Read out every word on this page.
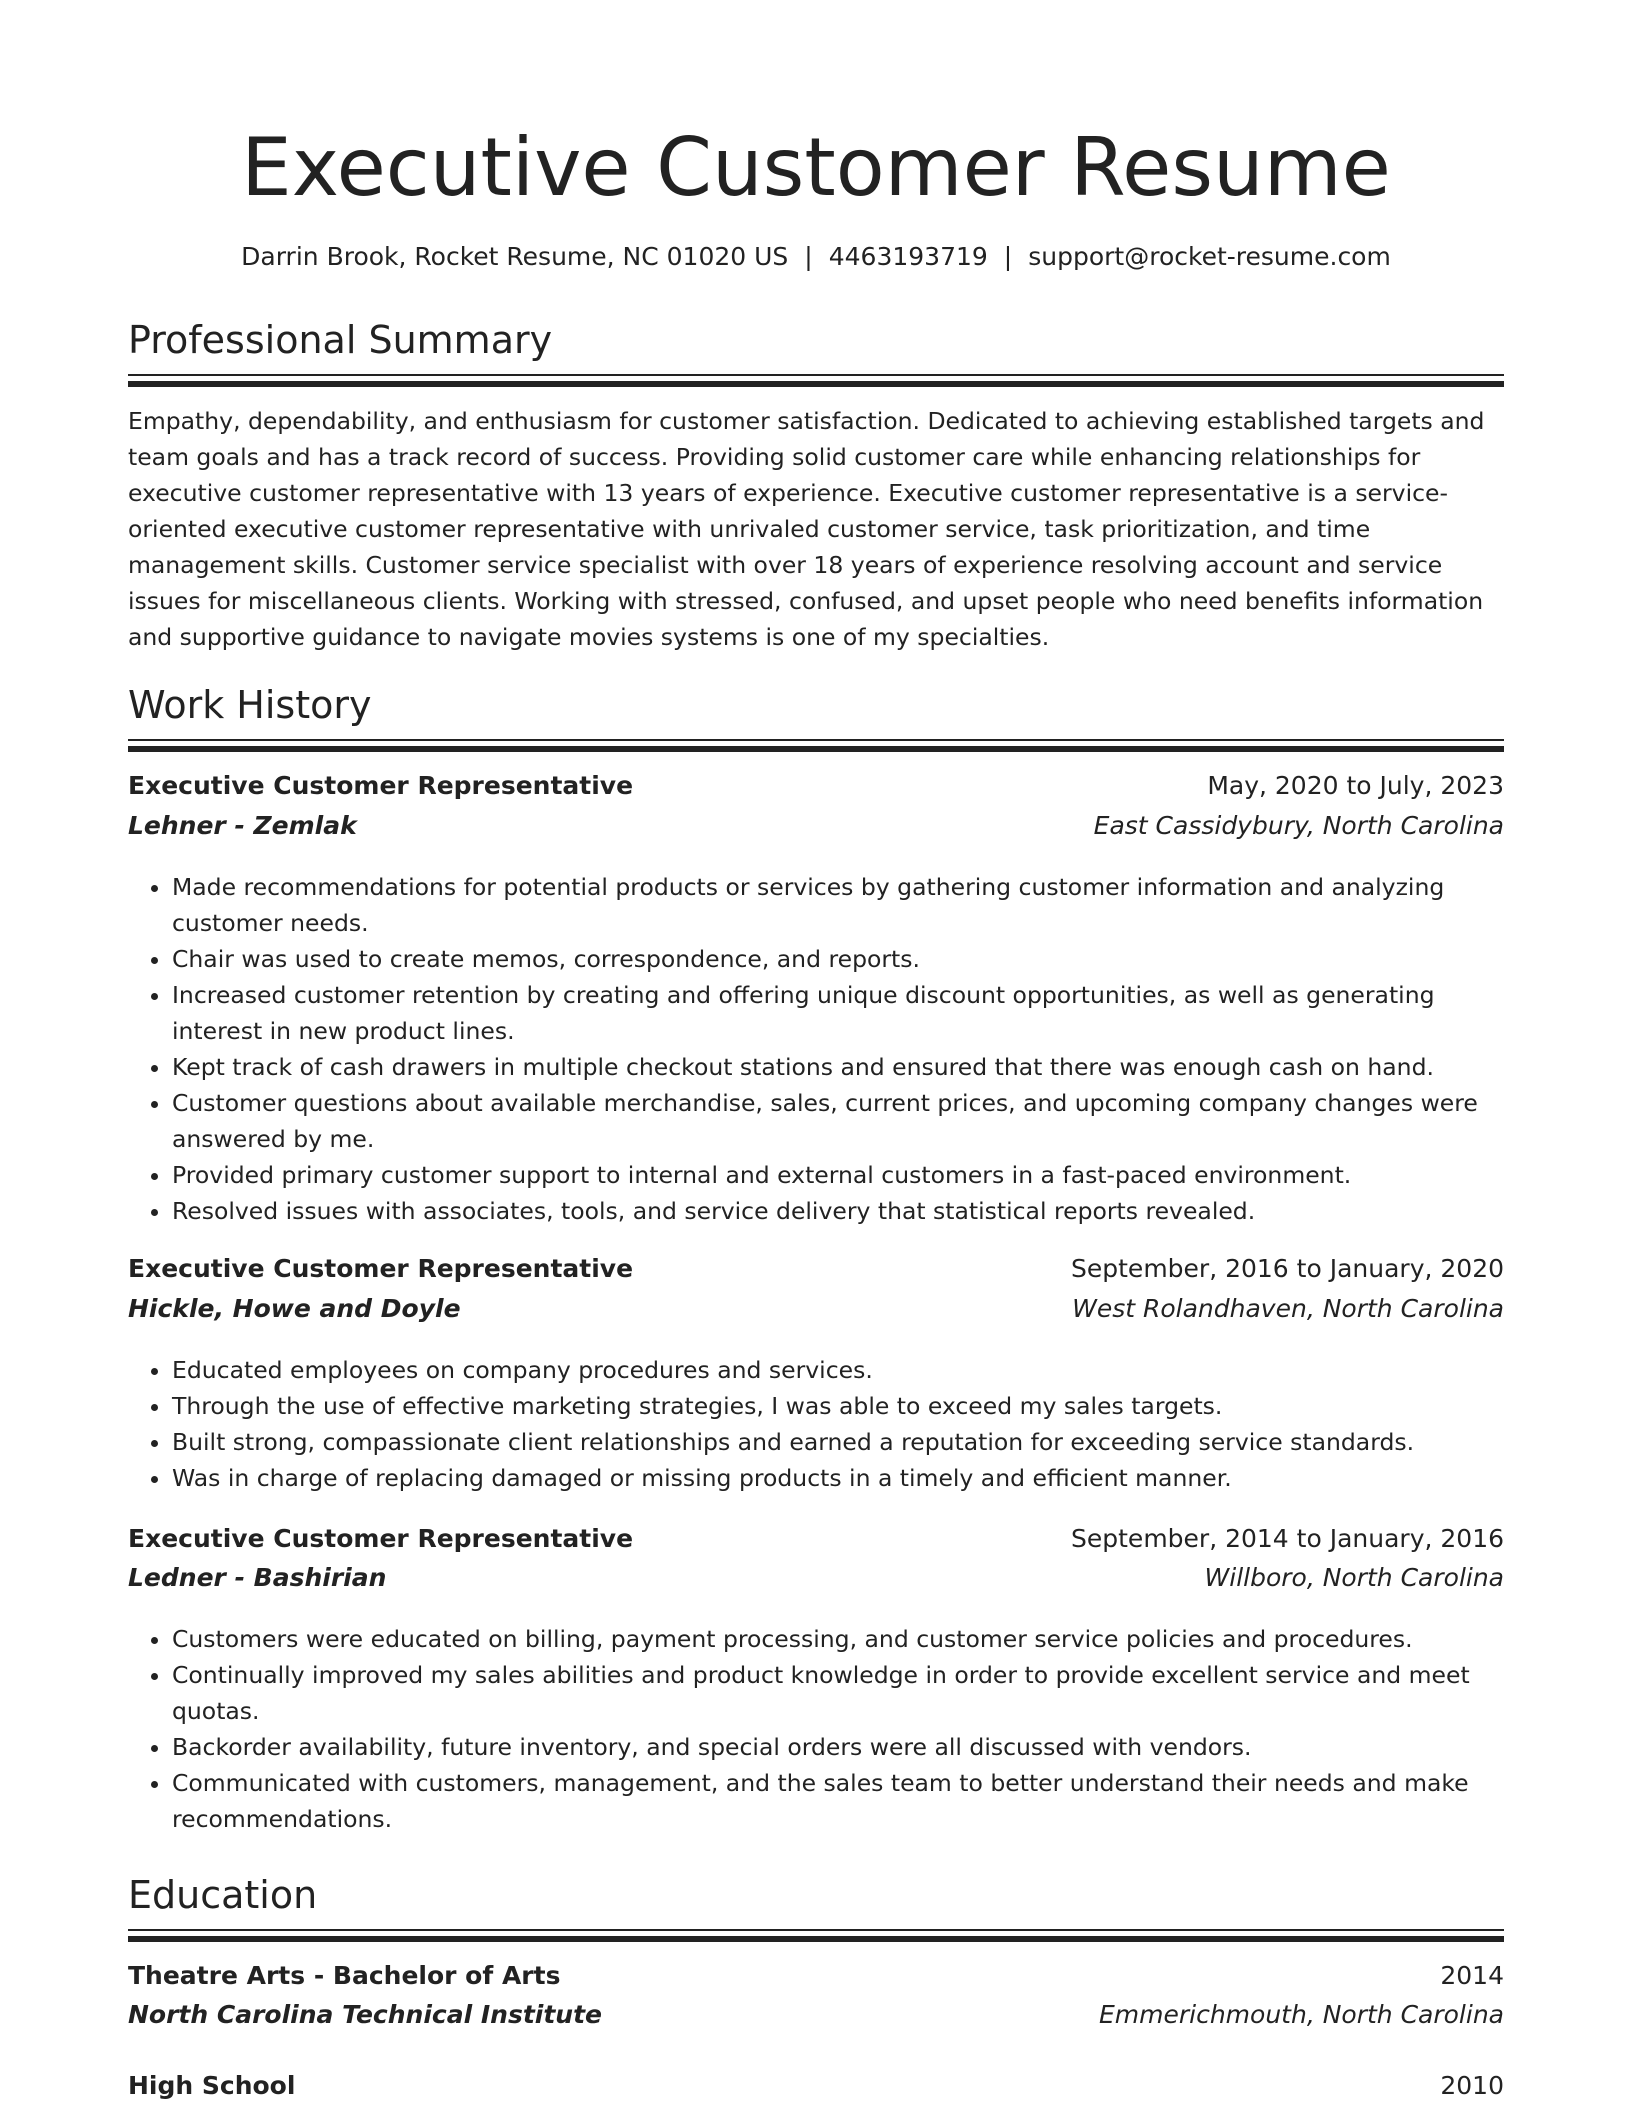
Executive Customer Resume
Darrin Brook, Rocket Resume, NC 01020 US | 4463193719 | support@rocket-resume.com
Professional Summary
Empathy, dependability, and enthusiasm for customer satisfaction. Dedicated to achieving established targets and team goals and has a track record of success. Providing solid customer care while enhancing relationships for executive customer representative with 13 years of experience. Executive customer representative is a service-oriented executive customer representative with unrivaled customer service, task prioritization, and time management skills. Customer service specialist with over 18 years of experience resolving account and service issues for miscellaneous clients. Working with stressed, confused, and upset people who need benefits information and supportive guidance to navigate movies systems is one of my specialties.
Work History
Executive Customer Representative	May, 2020 to July, 2023
Lehner - Zemlak	East Cassidybury, North Carolina
• Made recommendations for potential products or services by gathering customer information and analyzing customer needs.
• Chair was used to create memos, correspondence, and reports.
• Increased customer retention by creating and offering unique discount opportunities, as well as generating interest in new product lines.
• Kept track of cash drawers in multiple checkout stations and ensured that there was enough cash on hand.
• Customer questions about available merchandise, sales, current prices, and upcoming company changes were answered by me.
• Provided primary customer support to internal and external customers in a fast-paced environment.
• Resolved issues with associates, tools, and service delivery that statistical reports revealed.
Executive Customer Representative	September, 2016 to January, 2020
Hickle, Howe and Doyle	West Rolandhaven, North Carolina
• Educated employees on company procedures and services.
• Through the use of effective marketing strategies, I was able to exceed my sales targets.
• Built strong, compassionate client relationships and earned a reputation for exceeding service standards.
• Was in charge of replacing damaged or missing products in a timely and efficient manner.
Executive Customer Representative	September, 2014 to January, 2016
Ledner - Bashirian	Willboro, North Carolina
• Customers were educated on billing, payment processing, and customer service policies and procedures.
• Continually improved my sales abilities and product knowledge in order to provide excellent service and meet quotas.
• Backorder availability, future inventory, and special orders were all discussed with vendors.
• Communicated with customers, management, and the sales team to better understand their needs and make recommendations.
Education
Theatre Arts - Bachelor of Arts	2014
North Carolina Technical Institute	Emmerichmouth, North Carolina
High School	2010
